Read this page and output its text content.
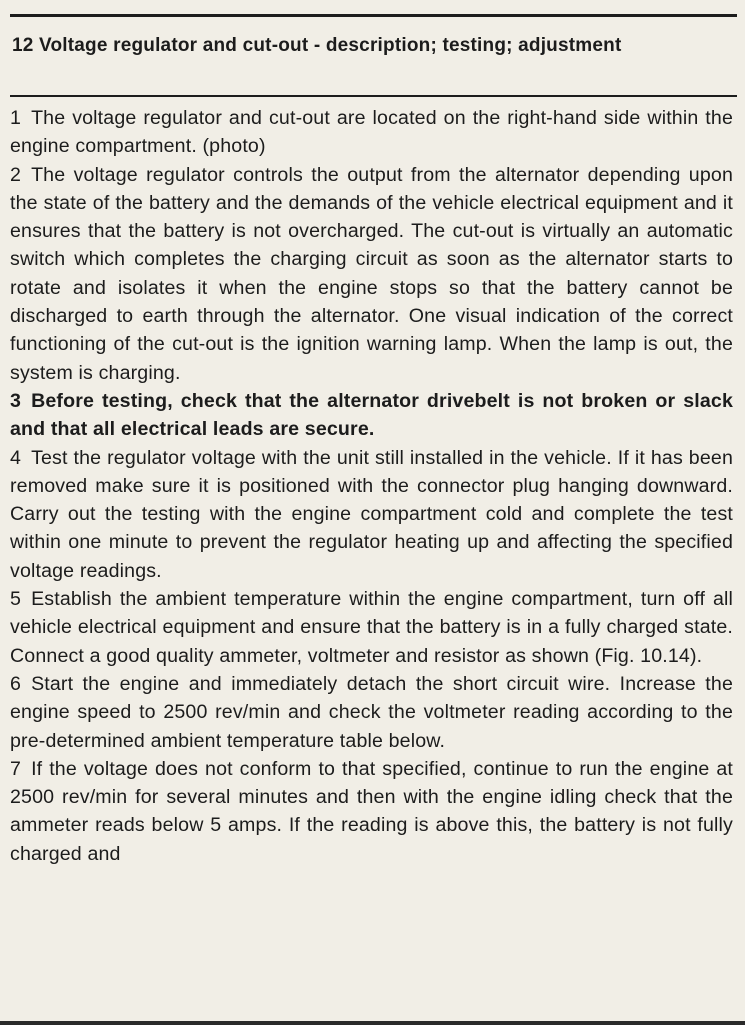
12 Voltage regulator and cut-out - description; testing; adjustment

1 The voltage regulator and cut-out are located on the right-hand side within the engine compartment. (photo)

2 The voltage regulator controls the output from the alternator depending upon the state of the battery and the demands of the vehicle electrical equipment and it ensures that the battery is not overcharged. The cut-out is virtually an automatic switch which completes the charging circuit as soon as the alternator starts to rotate and isolates it when the engine stops so that the battery cannot be discharged to earth through the alternator. One visual indication of the correct functioning of the cut-out is the ignition warning lamp. When the lamp is out, the system is charging.

3 Before testing, check that the alternator drivebelt is not broken or slack and that all electrical leads are secure.

4 Test the regulator voltage with the unit still installed in the vehicle. If it has been removed make sure it is positioned with the connector plug hanging downward. Carry out the testing with the engine compartment cold and complete the test within one minute to prevent the regulator heating up and affecting the specified voltage readings.

5 Establish the ambient temperature within the engine compartment, turn off all vehicle electrical equipment and ensure that the battery is in a fully charged state. Connect a good quality ammeter, voltmeter and resistor as shown (Fig. 10.14).

6 Start the engine and immediately detach the short circuit wire. Increase the engine speed to 2500 rev/min and check the voltmeter reading according to the pre-determined ambient temperature table below.

7 If the voltage does not conform to that specified, continue to run the engine at 2500 rev/min for several minutes and then with the engine idling check that the ammeter reads below 5 amps. If the reading is above this, the battery is not fully charged and
